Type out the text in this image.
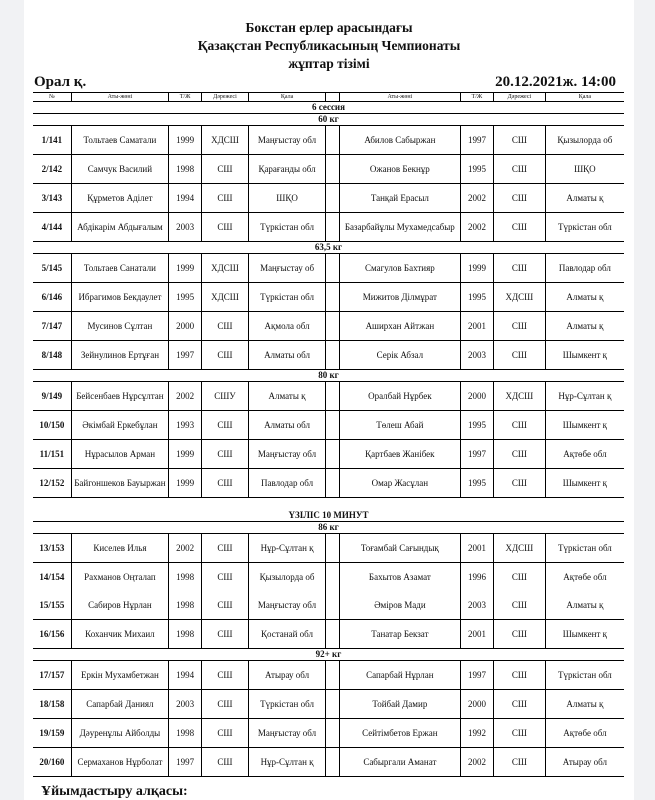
Бокстан ерлер арасындағы
Қазақстан Республикасының Чемпионаты
жұптар тізімі
Орал қ.	20.12.2021ж. 14:00
№	Аты-жөні	Т/Ж	Дәрежесі	Қала		Аты-жөні	Т/Ж	Дәрежесі	Қала
6 сессия									
60 кг									
1/141	Тольтаев Саматали	1999	ХДСШ	Маңғыстау обл		Абилов Сабыржан	1997	СШ	Қызылорда об
2/142	Самчук Василий	1998	СШ	Қарағанды обл		Ожанов Бекнұр	1995	СШ	ШҚО
3/143	Құрметов Аділет	1994	СШ	ШҚО		Танқай Ерасыл	2002	СШ	Алматы қ
4/144	Абдікарім Абдығалым	2003	СШ	Түркістан обл		Базарбайұлы Мухамедсабыр	2002	СШ	Түркістан обл
63,5 кг									
5/145	Тольтаев Санатали	1999	ХДСШ	Маңғыстау об		Смагулов Бахтияр	1999	СШ	Павлодар обл
6/146	Ибрагимов Бекдаулет	1995	ХДСШ	Түркістан обл		Мижитов Ділмұрат	1995	ХДСШ	Алматы қ
7/147	Мусинов Сұлтан	2000	СШ	Ақмола обл		Аширхан Айтжан	2001	СШ	Алматы қ
8/148	Зейнулинов Ертұған	1997	СШ	Алматы обл		Серік Абзал	2003	СШ	Шымкент қ
80 кг									
9/149	Бейсенбаев Нұрсұлтан	2002	СШУ	Алматы қ		Оралбай Нұрбек	2000	ХДСШ	Нұр-Сұлтан қ
10/150	Әкімбай Еркебұлан	1993	СШ	Алматы обл		Төлеш Абай	1995	СШ	Шымкент қ
11/151	Нұрасылов Арман	1999	СШ	Маңғыстау обл		Қартбаев Жанібек	1997	СШ	Ақтөбе обл
12/152	Байгоншеков Бауыржан	1999	СШ	Павлодар обл		Омар Жасұлан	1995	СШ	Шымкент қ

ҮЗІЛІС 10 МИНУТ									
86 кг									
13/153	Киселев Илья	2002	СШ	Нұр-Сұлтан қ		Тоғамбай Сағындық	2001	ХДСШ	Түркістан обл
14/154	Рахманов Оңталап	1998	СШ	Қызылорда об		Бахытов Азамат	1996	СШ	Ақтөбе обл
15/155	Сабиров Нұрлан	1998	СШ	Маңғыстау обл		Әміров Мади	2003	СШ	Алматы қ
16/156	Коханчик Михаил	1998	СШ	Қостанай обл		Танатар Бекзат	2001	СШ	Шымкент қ
92+ кг									
17/157	Еркін Мухамбетжан	1994	СШ	Атырау обл		Сапарбай Нұрлан	1997	СШ	Түркістан обл
18/158	Сапарбай Даниял	2003	СШ	Түркістан обл		Тойбай Дамир	2000	СШ	Алматы қ
19/159	Дәуренұлы Айболды	1998	СШ	Маңғыстау обл		Сейтімбетов Ержан	1992	СШ	Ақтөбе обл
20/160	Сермаханов Нұрболат	1997	СШ	Нұр-Сұлтан қ		Сабыргали Аманат	2002	СШ	Атырау обл
Ұйымдастыру алқасы:
